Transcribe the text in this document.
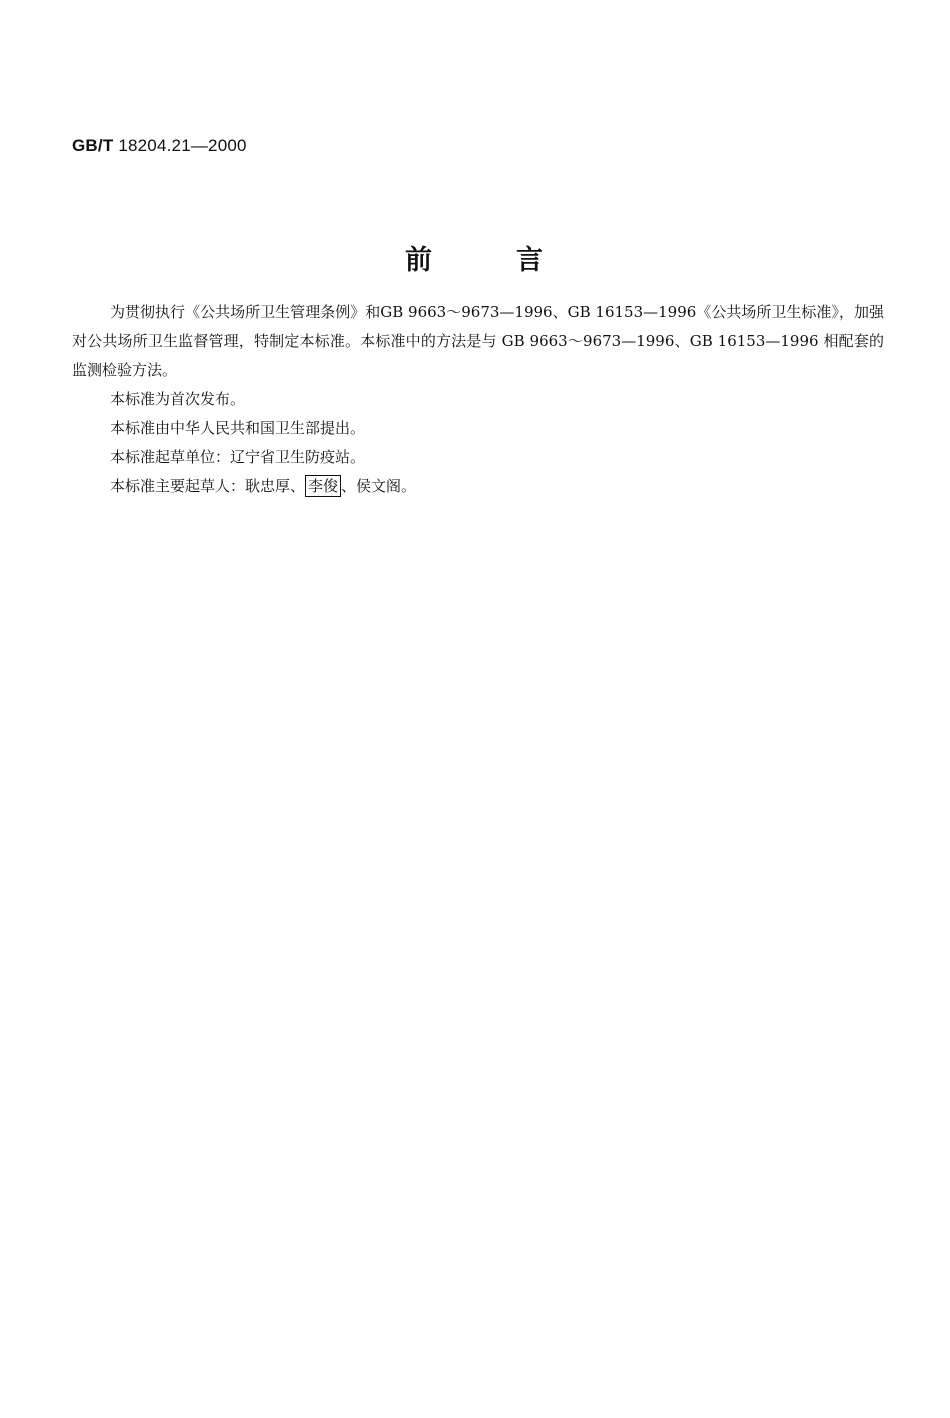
GB/T 18204.21—2000
前	言

为贯彻执行《公共场所卫生管理条例》和GB 9663～9673—1996、GB 16153—1996《公共场所卫生标准》，加强对公共场所卫生监督管理，特制定本标准。本标准中的方法是与 GB 9663～9673—1996、GB 16153—1996 相配套的监测检验方法。

本标准为首次发布。

本标准由中华人民共和国卫生部提出。

本标准起草单位：辽宁省卫生防疫站。

本标准主要起草人：耿忠厚、 李俊 、侯文阁。
